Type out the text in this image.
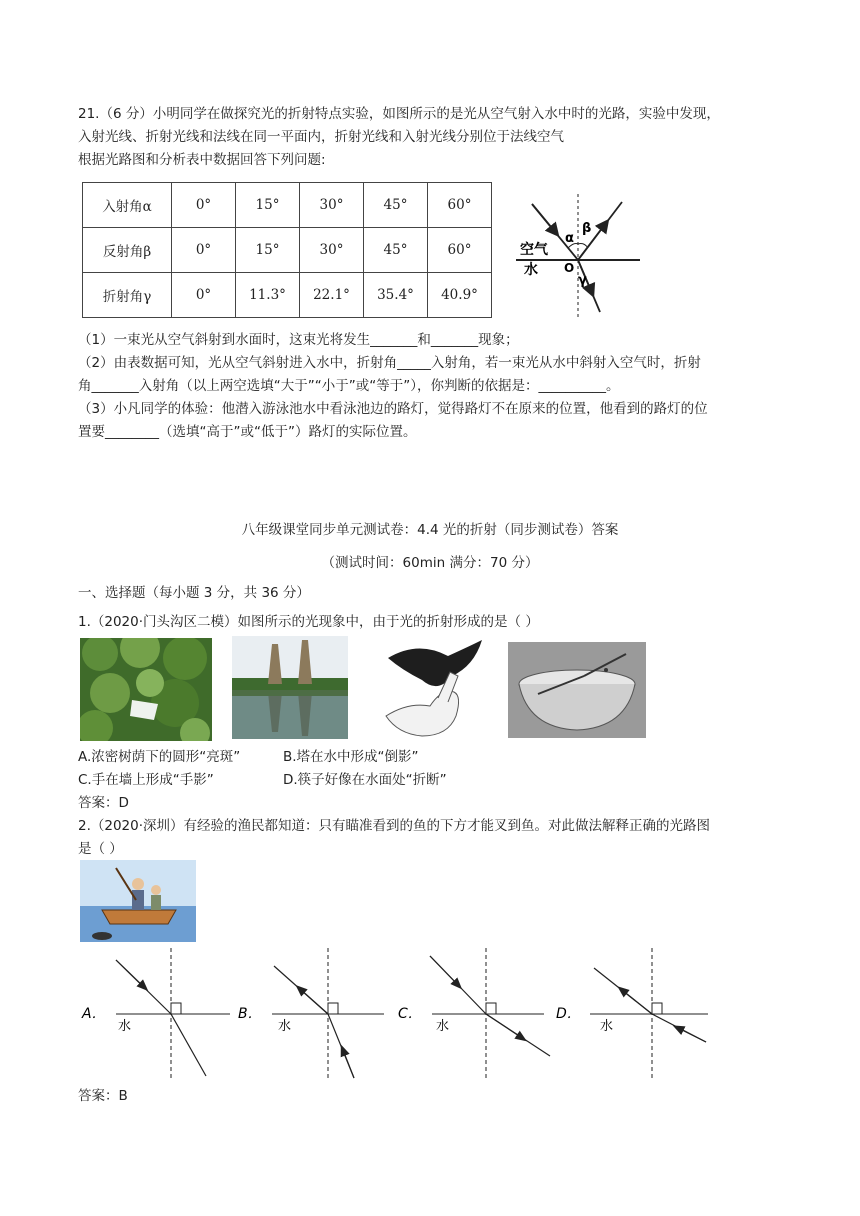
21.（6 分）小明同学在做探究光的折射特点实验，如图所示的是光从空气射入水中时的光路，实验中发现，
入射光线、折射光线和法线在同一平面内，折射光线和入射光线分别位于法线空气
根据光路图和分析表中数据回答下列问题:
入射角α	0°	15°	30°	45°	60°
反射角β	0°	15°	30°	45°	60°
折射角γ	0°	11.3°	22.1°	35.4°	40.9°
α
β
γ
空气
水 O
（1）一束光从空气斜射到水面时，这束光将发生_______和_______现象；
（2）由表数据可知，光从空气斜射进入水中，折射角_____入射角，若一束光从水中斜射入空气时，折射
角_______入射角（以上两空选填“大于”“小于”或“等于”），你判断的依据是：__________。
（3）小凡同学的体验：他潜入游泳池水中看泳池边的路灯，觉得路灯不在原来的位置，他看到的路灯的位
置要________（选填“高于”或“低于”）路灯的实际位置。
八年级课堂同步单元测试卷：4.4 光的折射（同步测试卷）答案
（测试时间：60min 满分：70 分）
一、选择题（每小题 3 分，共 36 分）
1.（2020·门头沟区二模）如图所示的光现象中，由于光的折射形成的是（ ）
A.浓密树荫下的圆形“亮斑”	B.塔在水中形成“倒影”
C.手在墙上形成“手影”	D.筷子好像在水面处“折断”
答案：D
2.（2020·深圳）有经验的渔民都知道：只有瞄准看到的鱼的下方才能叉到鱼。对此做法解释正确的光路图
是（ ）
A．
水
B．
水
C．
水
D．
水
答案：B
